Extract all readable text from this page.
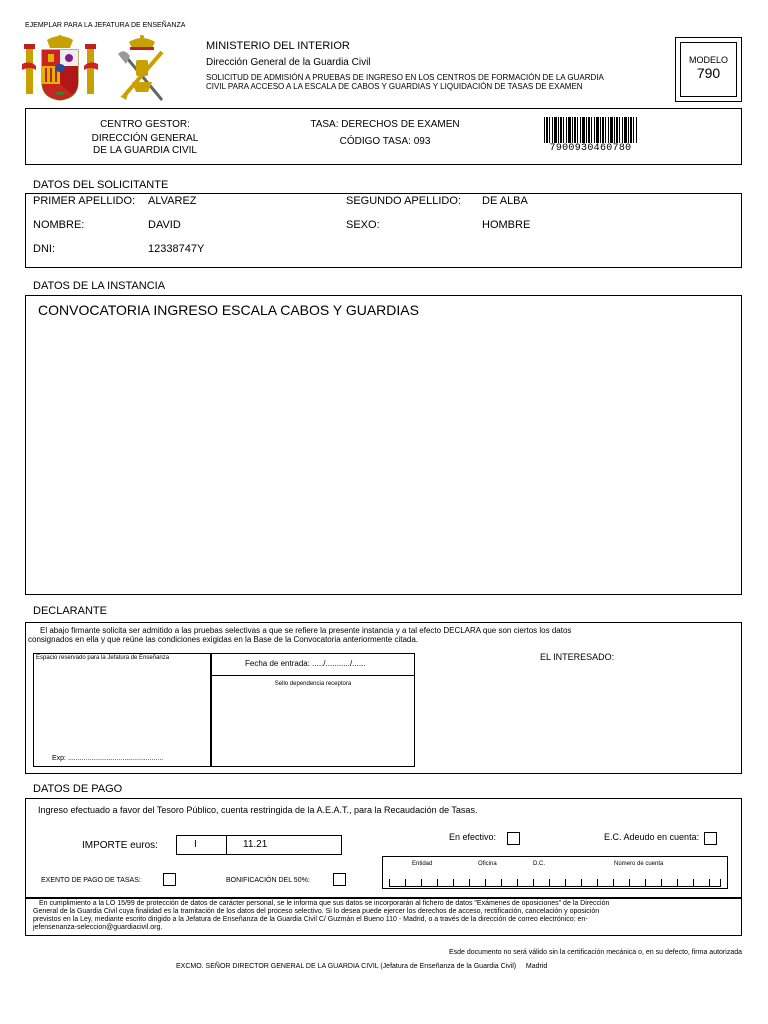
EJEMPLAR PARA LA JEFATURA DE ENSEÑANZA
MINISTERIO DEL INTERIOR
Dirección General de la Guardia Civil
SOLICITUD DE ADMISIÓN A PRUEBAS DE INGRESO EN LOS CENTROS DE FORMACIÓN DE LA GUARDIA
CIVIL PARA ACCESO A LA ESCALA DE CABOS Y GUARDIAS Y LIQUIDACIÓN DE TASAS DE EXAMEN
MODELO
790
CENTRO GESTOR:
DIRECCIÓN GENERAL
DE LA GUARDIA CIVIL
TASA: DERECHOS DE EXAMEN
CÓDIGO TASA: 093
7900930460780
DATOS DEL SOLICITANTE
PRIMER APELLIDO: ALVAREZ	SEGUNDO APELLIDO: DE ALBA
NOMBRE:	DAVID	SEXO:	HOMBRE
DNI:	12338747Y
DATOS DE LA INSTANCIA
CONVOCATORIA INGRESO ESCALA CABOS Y GUARDIAS
DECLARANTE
El abajo firmante solicita ser admitido a las pruebas selectivas a que se refiere la presente instancia y a tal efecto DECLARA que son ciertos los datos
consignados en ella y que reúne las condiciones exigidas en la Base de la Convocatoria anteriormente citada.
Espacio reservado para la Jefatura de Enseñanza
Exp: .................................................
Fecha de entrada: ...../.........../......
Sello dependencia receptora
EL INTERESADO:
DATOS DE PAGO
Ingreso efectuado a favor del Tesoro Público, cuenta restringida de la A.E.A.T., para la Recaudación de Tasas.
IMPORTE euros:	I	11.21
En efectivo:	E.C. Adeudo en cuenta:
Entidad	Oficina	D.C.	Número de cuenta
EXENTO DE PAGO DE TASAS:	BONIFICACIÓN DEL 50%:
En cumplimiento a la LO 15/99 de protección de datos de carácter personal, se le informa que sus datos se incorporarán al fichero de datos "Exámenes de oposiciones" de la Dirección
General de la Guardia Civil cuya finalidad es la tramitación de los datos del proceso selectivo. Si lo desea puede ejercer los derechos de acceso, rectificación, cancelación y oposición
previstos en la Ley, mediante escrito dirigido a la Jefatura de Enseñanza de la Guardia Civil C/ Guzmán el Bueno 110 - Madrid, o a través de la dirección de correo electrónico: en-
jefensenanza-seleccion@guardiacivil.org.
Esde documento no será válido sin la certificación mecánica o, en su defecto, firma autorizada
EXCMO. SEÑOR DIRECTOR GENERAL DE LA GUARDIA CIVIL (Jefatura de Enseñanza de la Guardia Civil)     Madrid
